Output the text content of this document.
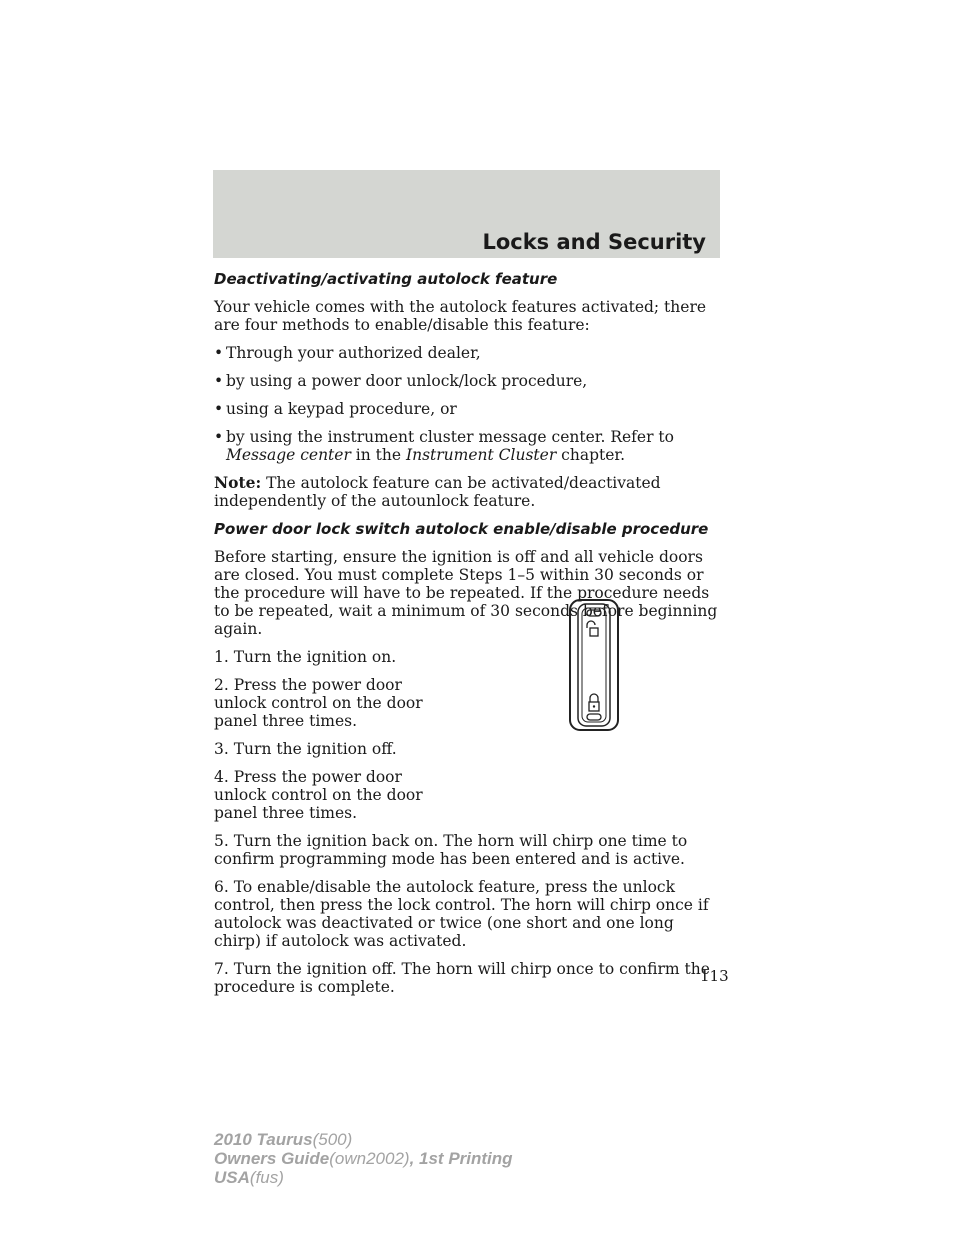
Locks and Security
Deactivating/activating autolock feature

Your vehicle comes with the autolock features activated; there are four methods to enable/disable this feature:

• Through your authorized dealer,
• by using a power door unlock/lock procedure,
• using a keypad procedure, or
• by using the instrument cluster message center. Refer to Message center in the Instrument Cluster chapter.

Note: The autolock feature can be activated/deactivated independently of the autounlock feature.

Power door lock switch autolock enable/disable procedure

Before starting, ensure the ignition is off and all vehicle doors are closed. You must complete Steps 1–5 within 30 seconds or the procedure will have to be repeated. If the procedure needs to be repeated, wait a minimum of 30 seconds before beginning again.

1. Turn the ignition on.

2. Press the power door unlock control on the door panel three times.

3. Turn the ignition off.

4. Press the power door unlock control on the door panel three times.

5. Turn the ignition back on. The horn will chirp one time to confirm programming mode has been entered and is active.

6. To enable/disable the autolock feature, press the unlock control, then press the lock control. The horn will chirp once if autolock was deactivated or twice (one short and one long chirp) if autolock was activated.

7. Turn the ignition off. The horn will chirp once to confirm the procedure is complete.

113
2010 Taurus(500)
Owners Guide(own2002), 1st Printing
USA(fus)
